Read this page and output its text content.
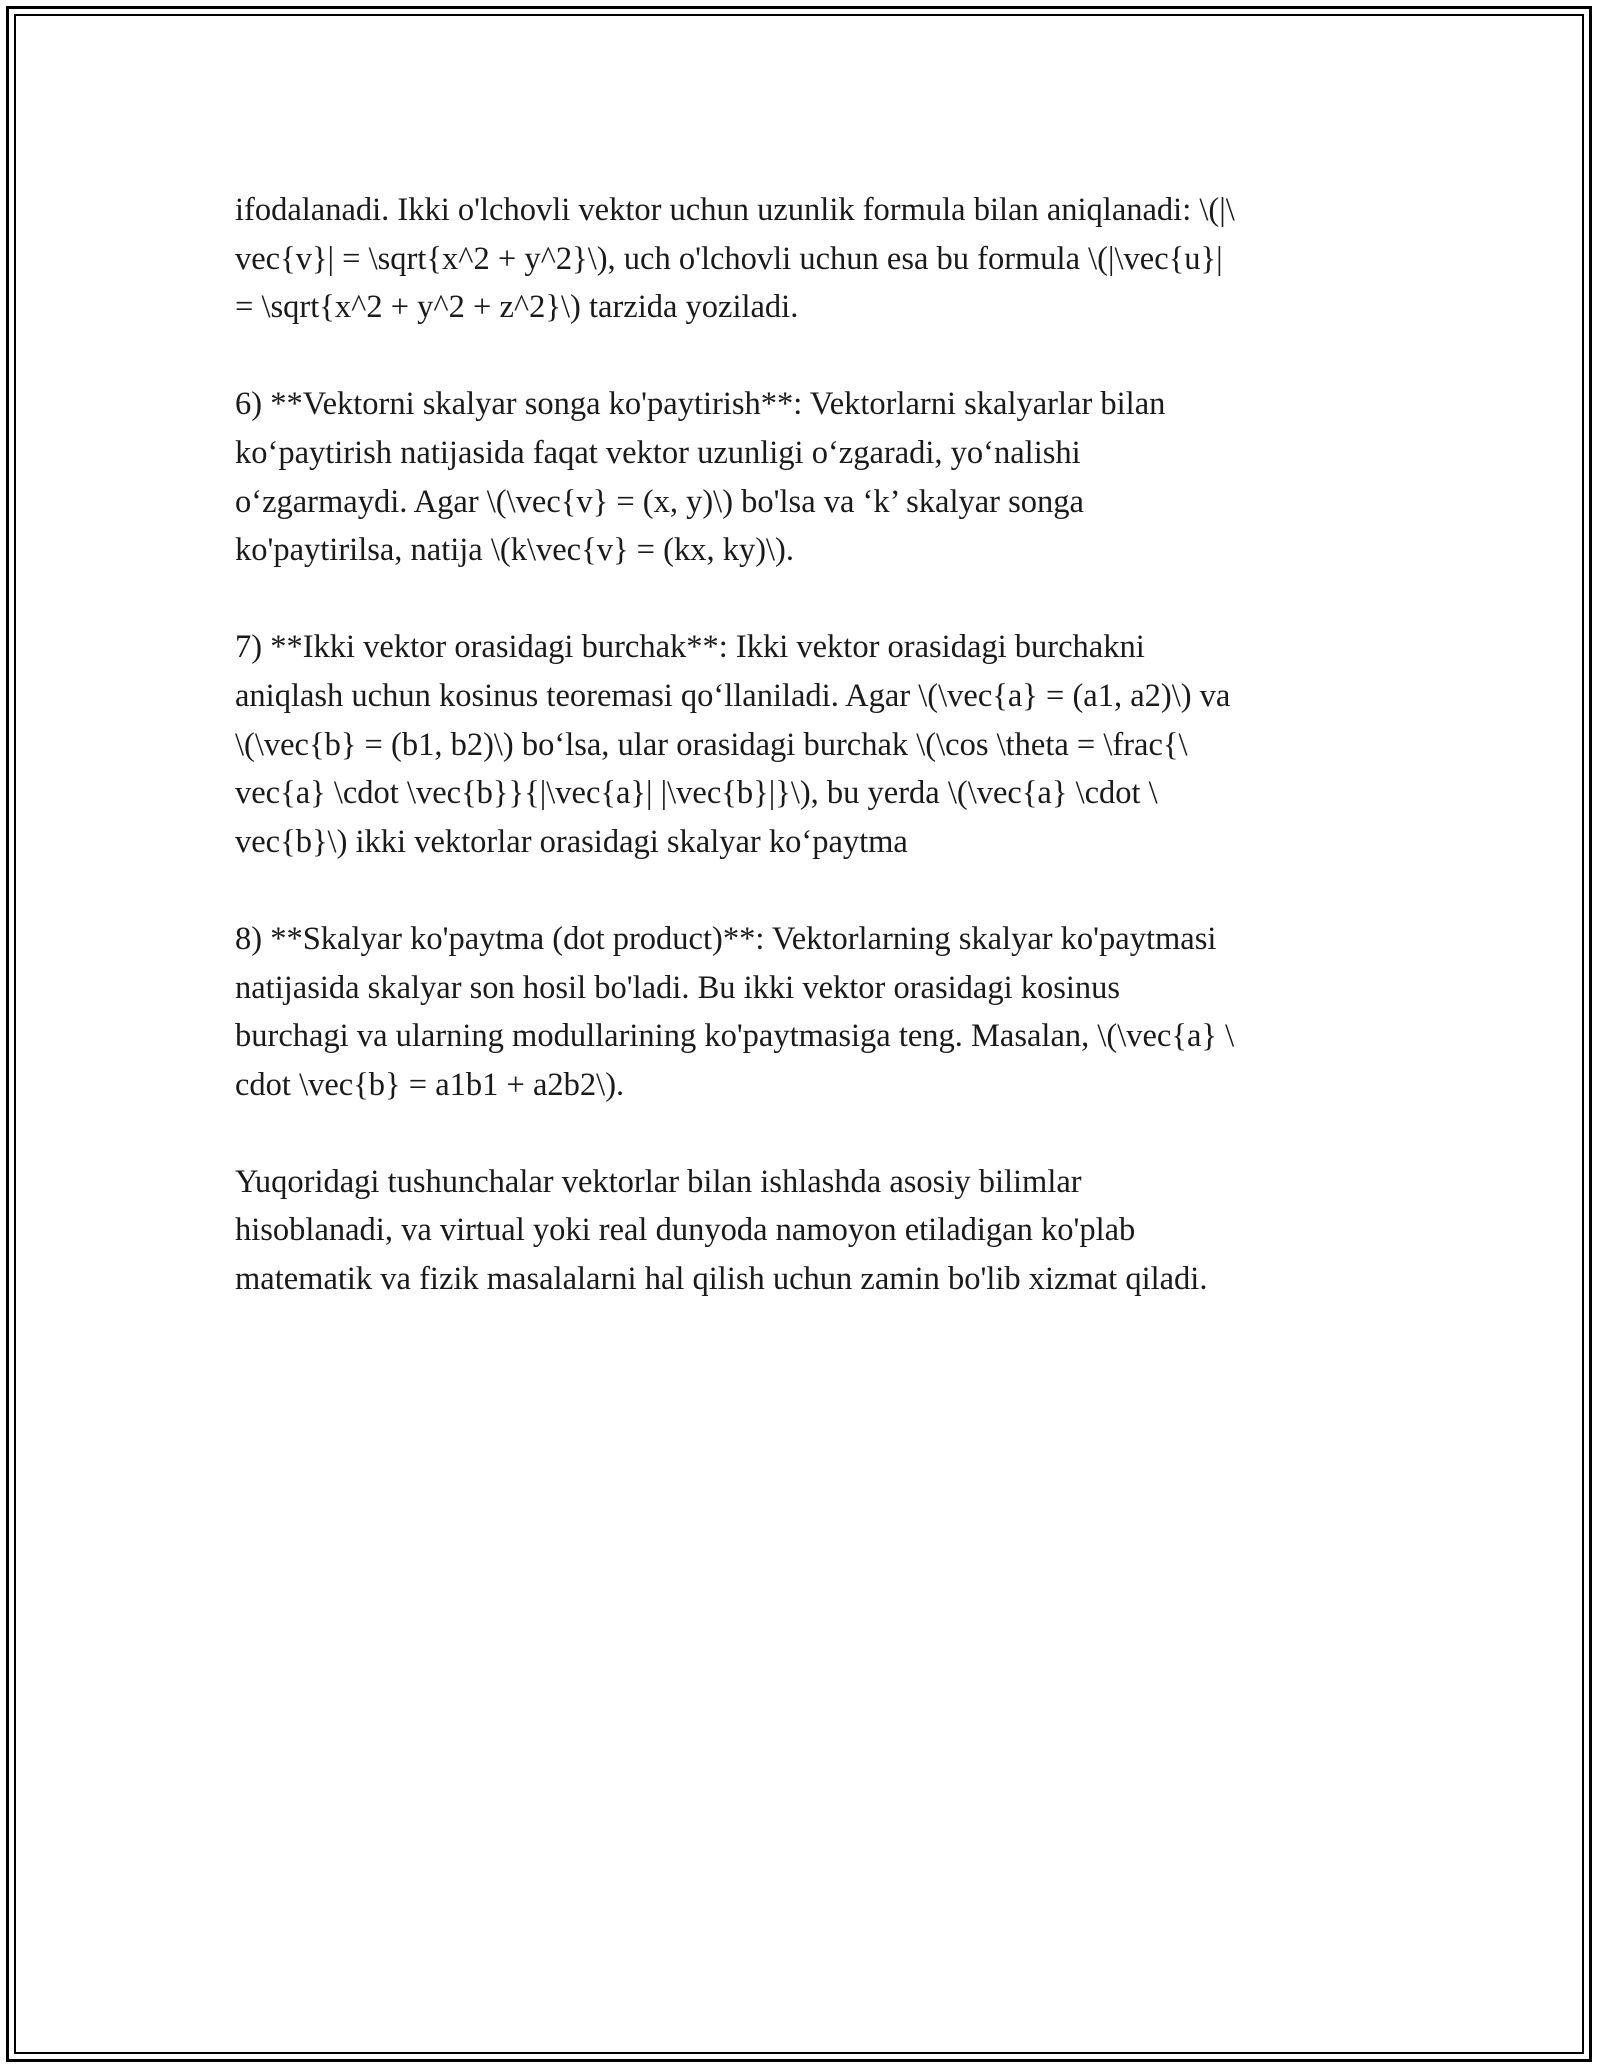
ifodalanadi. Ikki o'lchovli vektor uchun uzunlik formula bilan aniqlanadi: \(|\
vec{v}| = \sqrt{x^2 + y^2}\), uch o'lchovli uchun esa bu formula \(|\vec{u}|
= \sqrt{x^2 + y^2 + z^2}\) tarzida yoziladi.

6) **Vektorni skalyar songa ko'paytirish**: Vektorlarni skalyarlar bilan
ko‘paytirish natijasida faqat vektor uzunligi o‘zgaradi, yo‘nalishi
o‘zgarmaydi. Agar \(\vec{v} = (x, y)\) bo'lsa va ‘k’ skalyar songa
ko'paytirilsa, natija \(k\vec{v} = (kx, ky)\).

7) **Ikki vektor orasidagi burchak**: Ikki vektor orasidagi burchakni
aniqlash uchun kosinus teoremasi qo‘llaniladi. Agar \(\vec{a} = (a1, a2)\) va
\(\vec{b} = (b1, b2)\) bo‘lsa, ular orasidagi burchak \(\cos \theta = \frac{\
vec{a} \cdot \vec{b}}{|\vec{a}| |\vec{b}|}\), bu yerda \(\vec{a} \cdot \
vec{b}\) ikki vektorlar orasidagi skalyar ko‘paytma

8) **Skalyar ko'paytma (dot product)**: Vektorlarning skalyar ko'paytmasi
natijasida skalyar son hosil bo'ladi. Bu ikki vektor orasidagi kosinus
burchagi va ularning modullarining ko'paytmasiga teng. Masalan, \(\vec{a} \
cdot \vec{b} = a1b1 + a2b2\).

Yuqoridagi tushunchalar vektorlar bilan ishlashda asosiy bilimlar
hisoblanadi, va virtual yoki real dunyoda namoyon etiladigan ko'plab
matematik va fizik masalalarni hal qilish uchun zamin bo'lib xizmat qiladi.
